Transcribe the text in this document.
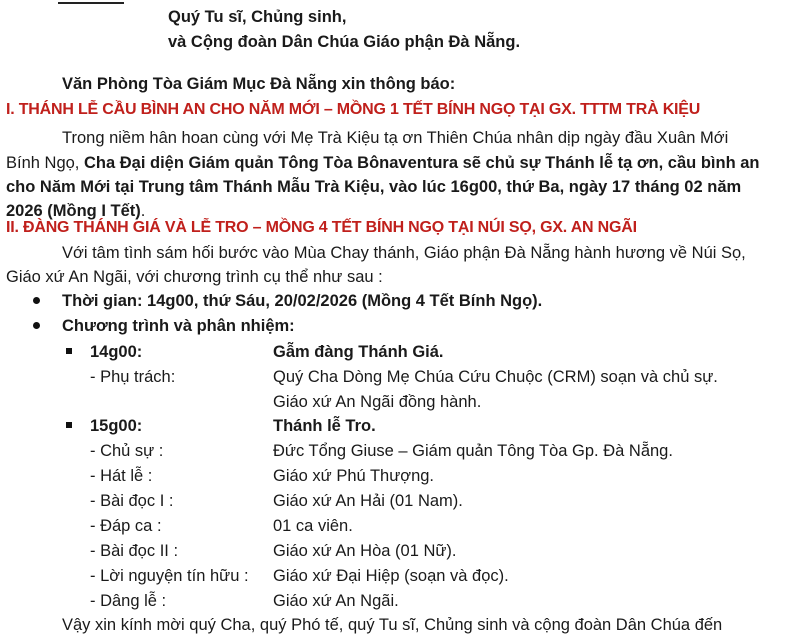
Quý Tu sĩ, Chủng sinh,
và Cộng đoàn Dân Chúa Giáo phận Đà Nẵng.
Văn Phòng Tòa Giám Mục Đà Nẵng xin thông báo:
I. THÁNH LỄ CẦU BÌNH AN CHO NĂM MỚI – MỒNG 1 TẾT BÍNH NGỌ TẠI GX. TTTM TRÀ KIỆU
Trong niềm hân hoan cùng với Mẹ Trà Kiệu tạ ơn Thiên Chúa nhân dịp ngày đầu Xuân Mới
Bính Ngọ, Cha Đại diện Giám quản Tông Tòa Bônaventura sẽ chủ sự Thánh lễ tạ ơn, cầu bình an
cho Năm Mới tại Trung tâm Thánh Mẫu Trà Kiệu, vào lúc 16g00, thứ Ba, ngày 17 tháng 02 năm
2026 (Mồng I Tết).
II. ĐÀNG THÁNH GIÁ VÀ LỄ TRO – MỒNG 4 TẾT BÍNH NGỌ TẠI NÚI SỌ, GX. AN NGÃI
Với tâm tình sám hối bước vào Mùa Chay thánh, Giáo phận Đà Nẵng hành hương về Núi Sọ,
Giáo xứ An Ngãi, với chương trình cụ thể như sau :
Thời gian: 14g00, thứ Sáu, 20/02/2026 (Mồng 4 Tết Bính Ngọ).
Chương trình và phân nhiệm:
14g00:	Gẫm đàng Thánh Giá.
- Phụ trách:	Quý Cha Dòng Mẹ Chúa Cứu Chuộc (CRM) soạn và chủ sự.
Giáo xứ An Ngãi đồng hành.
15g00:	Thánh lễ Tro.
- Chủ sự :	Đức Tổng Giuse – Giám quản Tông Tòa Gp. Đà Nẵng.
- Hát lễ :	Giáo xứ Phú Thượng.
- Bài đọc I :	Giáo xứ An Hải (01 Nam).
- Đáp ca :	01 ca viên.
- Bài đọc II :	Giáo xứ An Hòa (01 Nữ).
- Lời nguyện tín hữu : Giáo xứ Đại Hiệp (soạn và đọc).
- Dâng lễ :	Giáo xứ An Ngãi.
Vậy xin kính mời quý Cha, quý Phó tế, quý Tu sĩ, Chủng sinh và cộng đoàn Dân Chúa đến
